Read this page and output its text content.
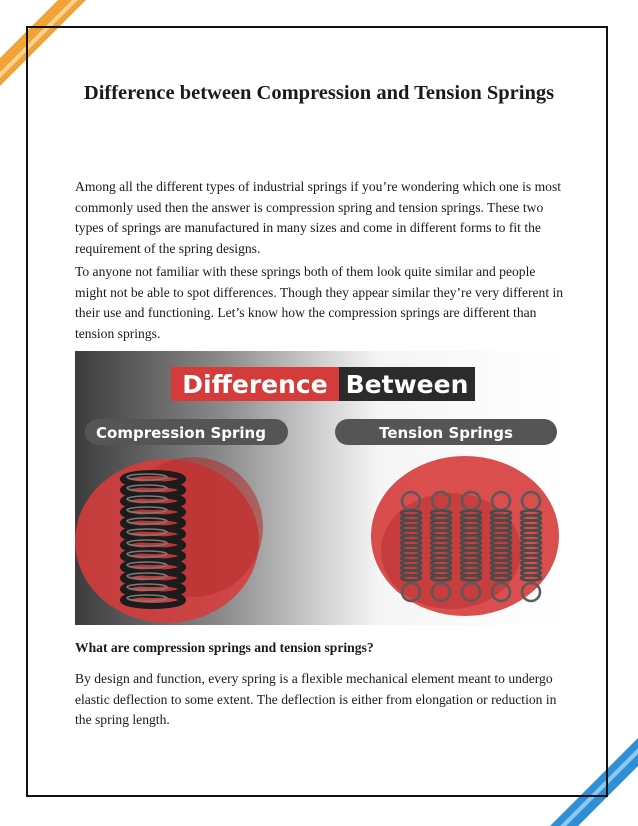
Difference between Compression and Tension Springs

Among all the different types of industrial springs if you’re wondering which one is most commonly used then the answer is compression spring and tension springs. These two types of springs are manufactured in many sizes and come in different forms to fit the requirement of the spring designs.

To anyone not familiar with these springs both of them look quite similar and people might not be able to spot differences. Though they appear similar they’re very different in their use and functioning. Let’s know how the compression springs are different than tension springs.

Difference Between
Compression Spring	Tension Springs

What are compression springs and tension springs?

By design and function, every spring is a flexible mechanical element meant to undergo elastic deflection to some extent. The deflection is either from elongation or reduction in the spring length.
